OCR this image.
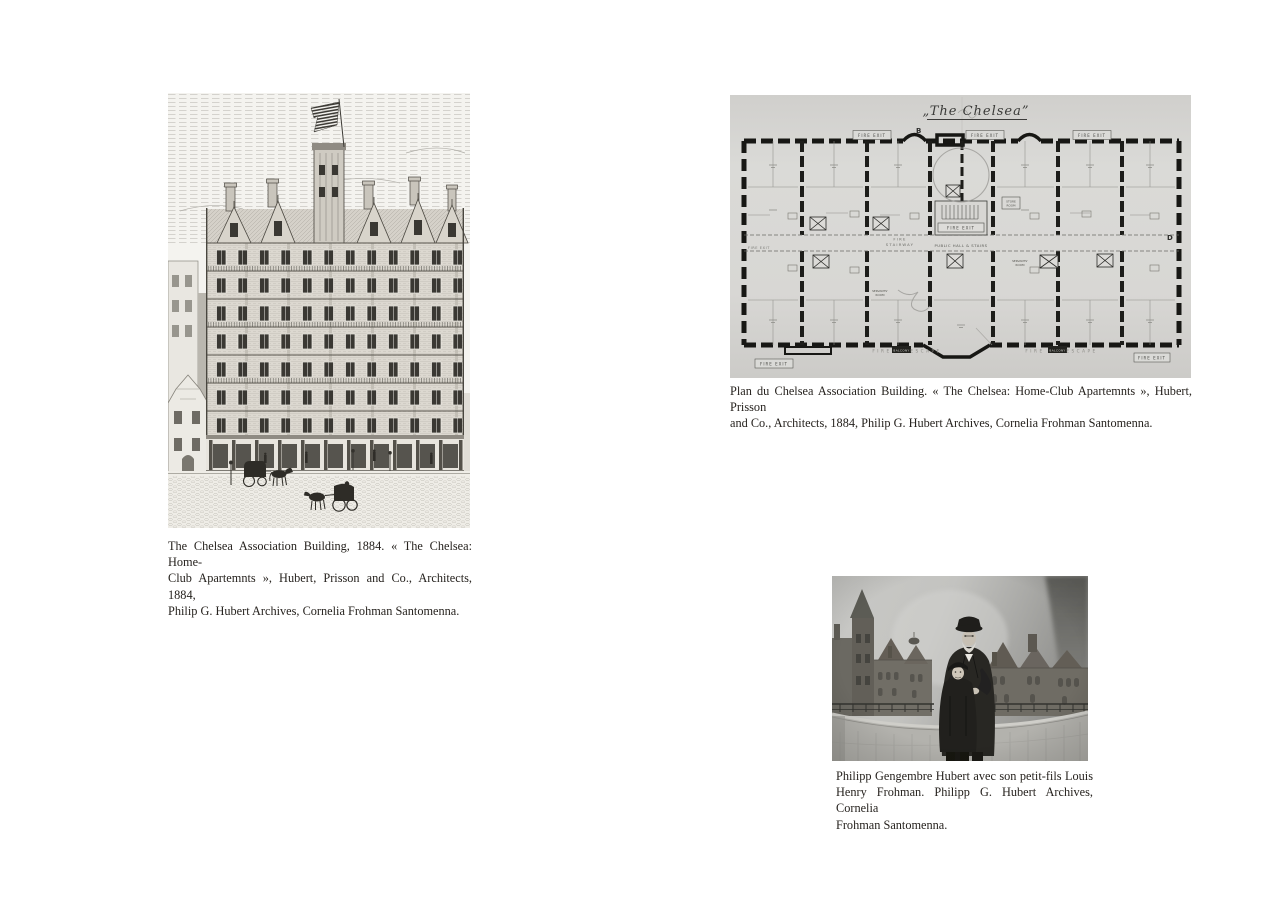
The Chelsea Association Building, 1884. « The Chelsea: Home-
Club Apartemnts », Hubert, Prisson and Co., Architects, 1884,
Philip G. Hubert Archives, Cornelia Frohman Santomenna.
„The Chelsea”
B
D
FIRE EXIT
FIRE
STAIRWAY	PUBLIC HALL & STAIRS
FIRE EXIT	FIRE EXIT	FIRE EXIT
FIRE EXIT
STORE
ROOM
SERVANTS'
ROOM
SERVANTS'
ROOM
FIRE BALCONY ESCAPE	FIRE BALCONY ESCAPE
FIRE EXIT
FIRE EXIT
Plan du Chelsea Association Building. « The Chelsea: Home-Club Apartemnts », Hubert, Prisson
and Co., Architects, 1884, Philip G. Hubert Archives, Cornelia Frohman Santomenna.
Philipp Gengembre Hubert avec son petit-fils Louis
Henry Frohman. Philipp G. Hubert Archives, Cornelia
Frohman Santomenna.
